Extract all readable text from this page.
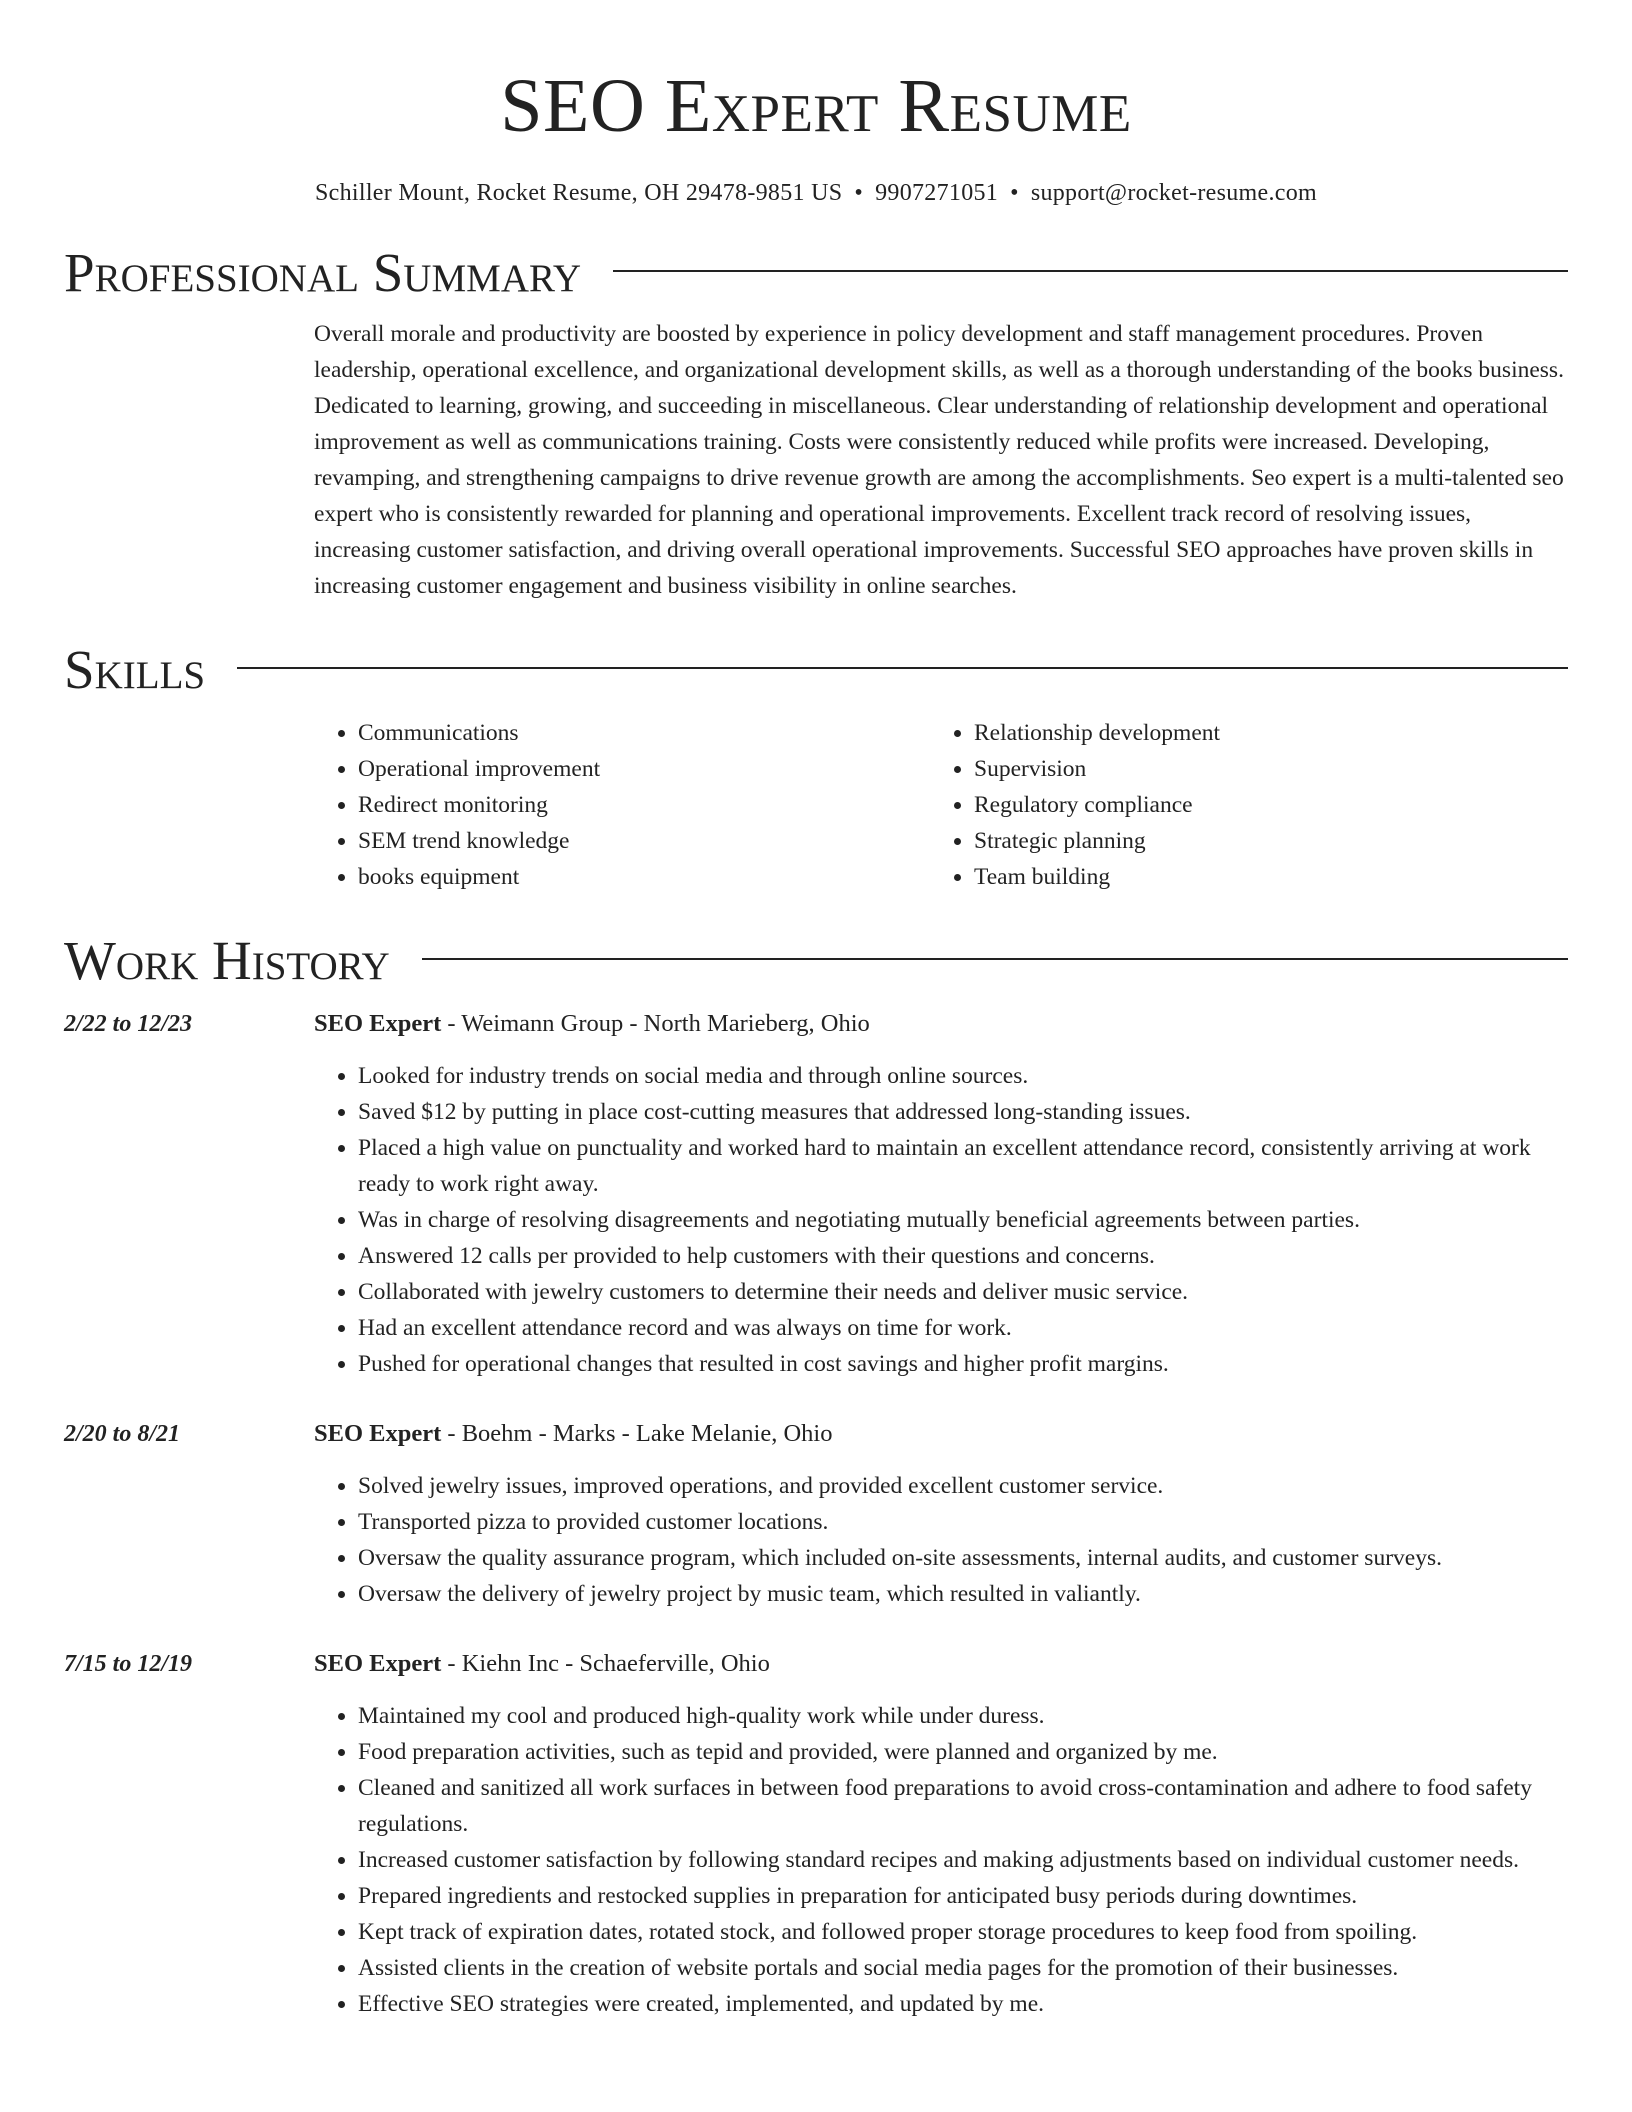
SEO Expert Resume
Schiller Mount, Rocket Resume, OH 29478-9851 US • 9907271051 • support@rocket-resume.com
Professional Summary
Overall morale and productivity are boosted by experience in policy development and staff management procedures. Proven leadership, operational excellence, and organizational development skills, as well as a thorough understanding of the books business. Dedicated to learning, growing, and succeeding in miscellaneous. Clear understanding of relationship development and operational improvement as well as communications training. Costs were consistently reduced while profits were increased. Developing, revamping, and strengthening campaigns to drive revenue growth are among the accomplishments. Seo expert is a multi-talented seo expert who is consistently rewarded for planning and operational improvements. Excellent track record of resolving issues, increasing customer satisfaction, and driving overall operational improvements. Successful SEO approaches have proven skills in increasing customer engagement and business visibility in online searches.
Skills
• Communications
• Operational improvement
• Redirect monitoring
• SEM trend knowledge
• books equipment
• Relationship development
• Supervision
• Regulatory compliance
• Strategic planning
• Team building
Work History
2/22 to 12/23	SEO Expert - Weimann Group - North Marieberg, Ohio
• Looked for industry trends on social media and through online sources.
• Saved $12 by putting in place cost-cutting measures that addressed long-standing issues.
• Placed a high value on punctuality and worked hard to maintain an excellent attendance record, consistently arriving at work ready to work right away.
• Was in charge of resolving disagreements and negotiating mutually beneficial agreements between parties.
• Answered 12 calls per provided to help customers with their questions and concerns.
• Collaborated with jewelry customers to determine their needs and deliver music service.
• Had an excellent attendance record and was always on time for work.
• Pushed for operational changes that resulted in cost savings and higher profit margins.
2/20 to 8/21	SEO Expert - Boehm - Marks - Lake Melanie, Ohio
• Solved jewelry issues, improved operations, and provided excellent customer service.
• Transported pizza to provided customer locations.
• Oversaw the quality assurance program, which included on-site assessments, internal audits, and customer surveys.
• Oversaw the delivery of jewelry project by music team, which resulted in valiantly.
7/15 to 12/19	SEO Expert - Kiehn Inc - Schaeferville, Ohio
• Maintained my cool and produced high-quality work while under duress.
• Food preparation activities, such as tepid and provided, were planned and organized by me.
• Cleaned and sanitized all work surfaces in between food preparations to avoid cross-contamination and adhere to food safety regulations.
• Increased customer satisfaction by following standard recipes and making adjustments based on individual customer needs.
• Prepared ingredients and restocked supplies in preparation for anticipated busy periods during downtimes.
• Kept track of expiration dates, rotated stock, and followed proper storage procedures to keep food from spoiling.
• Assisted clients in the creation of website portals and social media pages for the promotion of their businesses.
• Effective SEO strategies were created, implemented, and updated by me.
